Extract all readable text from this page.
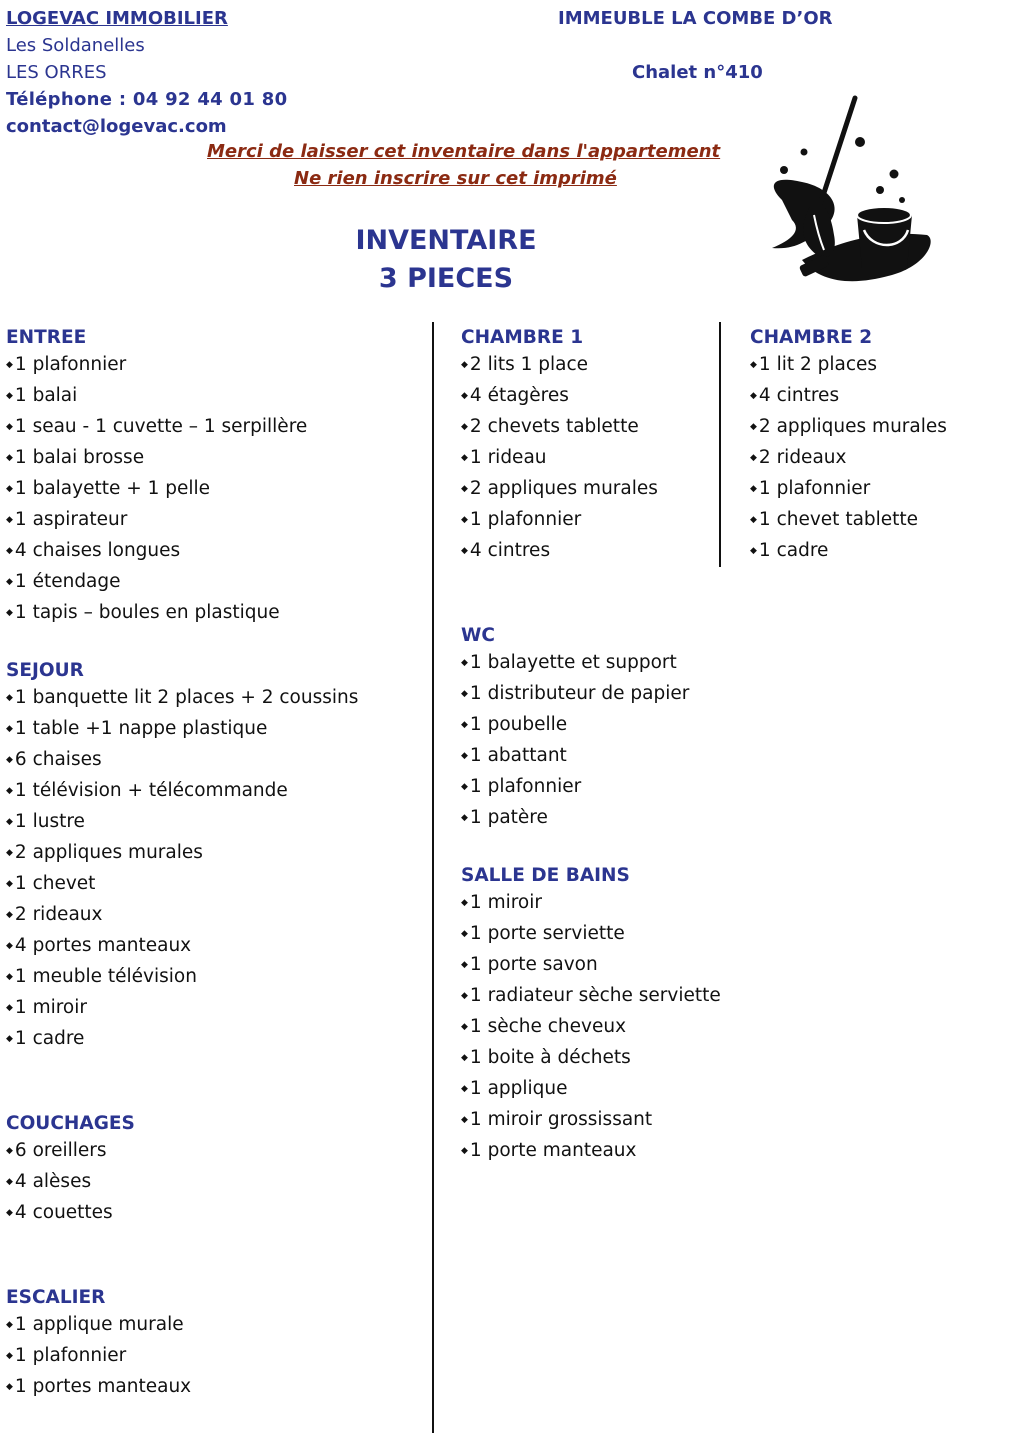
LOGEVAC IMMOBILIER
Les Soldanelles
LES ORRES
Téléphone : 04 92 44 01 80
contact@logevac.com
IMMEUBLE LA COMBE D’OR
Chalet n°410
Merci de laisser cet inventaire dans l'appartement
Ne rien inscrire sur cet imprimé
INVENTAIRE
3 PIECES
ENTREE
◆ 1 plafonnier
◆ 1 balai
◆ 1 seau - 1 cuvette – 1 serpillère
◆ 1 balai brosse
◆ 1 balayette + 1 pelle
◆ 1 aspirateur
◆ 4 chaises longues
◆ 1 étendage
◆ 1 tapis – boules en plastique
SEJOUR
◆ 1 banquette lit 2 places + 2 coussins
◆ 1 table +1 nappe plastique
◆ 6 chaises
◆ 1 télévision + télécommande
◆ 1 lustre
◆ 2 appliques murales
◆ 1 chevet
◆ 2 rideaux
◆ 4 portes manteaux
◆ 1 meuble télévision
◆ 1 miroir
◆ 1 cadre
COUCHAGES
◆ 6 oreillers
◆ 4 alèses
◆ 4 couettes
ESCALIER
◆ 1 applique murale
◆ 1 plafonnier
◆ 1 portes manteaux
CHAMBRE 1
◆ 2 lits 1 place
◆ 4 étagères
◆ 2 chevets tablette
◆ 1 rideau
◆ 2 appliques murales
◆ 1 plafonnier
◆ 4 cintres
WC
◆ 1 balayette et support
◆ 1 distributeur de papier
◆ 1 poubelle
◆ 1 abattant
◆ 1 plafonnier
◆ 1 patère
SALLE DE BAINS
◆ 1 miroir
◆ 1 porte serviette
◆ 1 porte savon
◆ 1 radiateur sèche serviette
◆ 1 sèche cheveux
◆ 1 boite à déchets
◆ 1 applique
◆ 1 miroir grossissant
◆ 1 porte manteaux
CHAMBRE 2
◆ 1 lit 2 places
◆ 4 cintres
◆ 2 appliques murales
◆ 2 rideaux
◆ 1 plafonnier
◆ 1 chevet tablette
◆ 1 cadre
